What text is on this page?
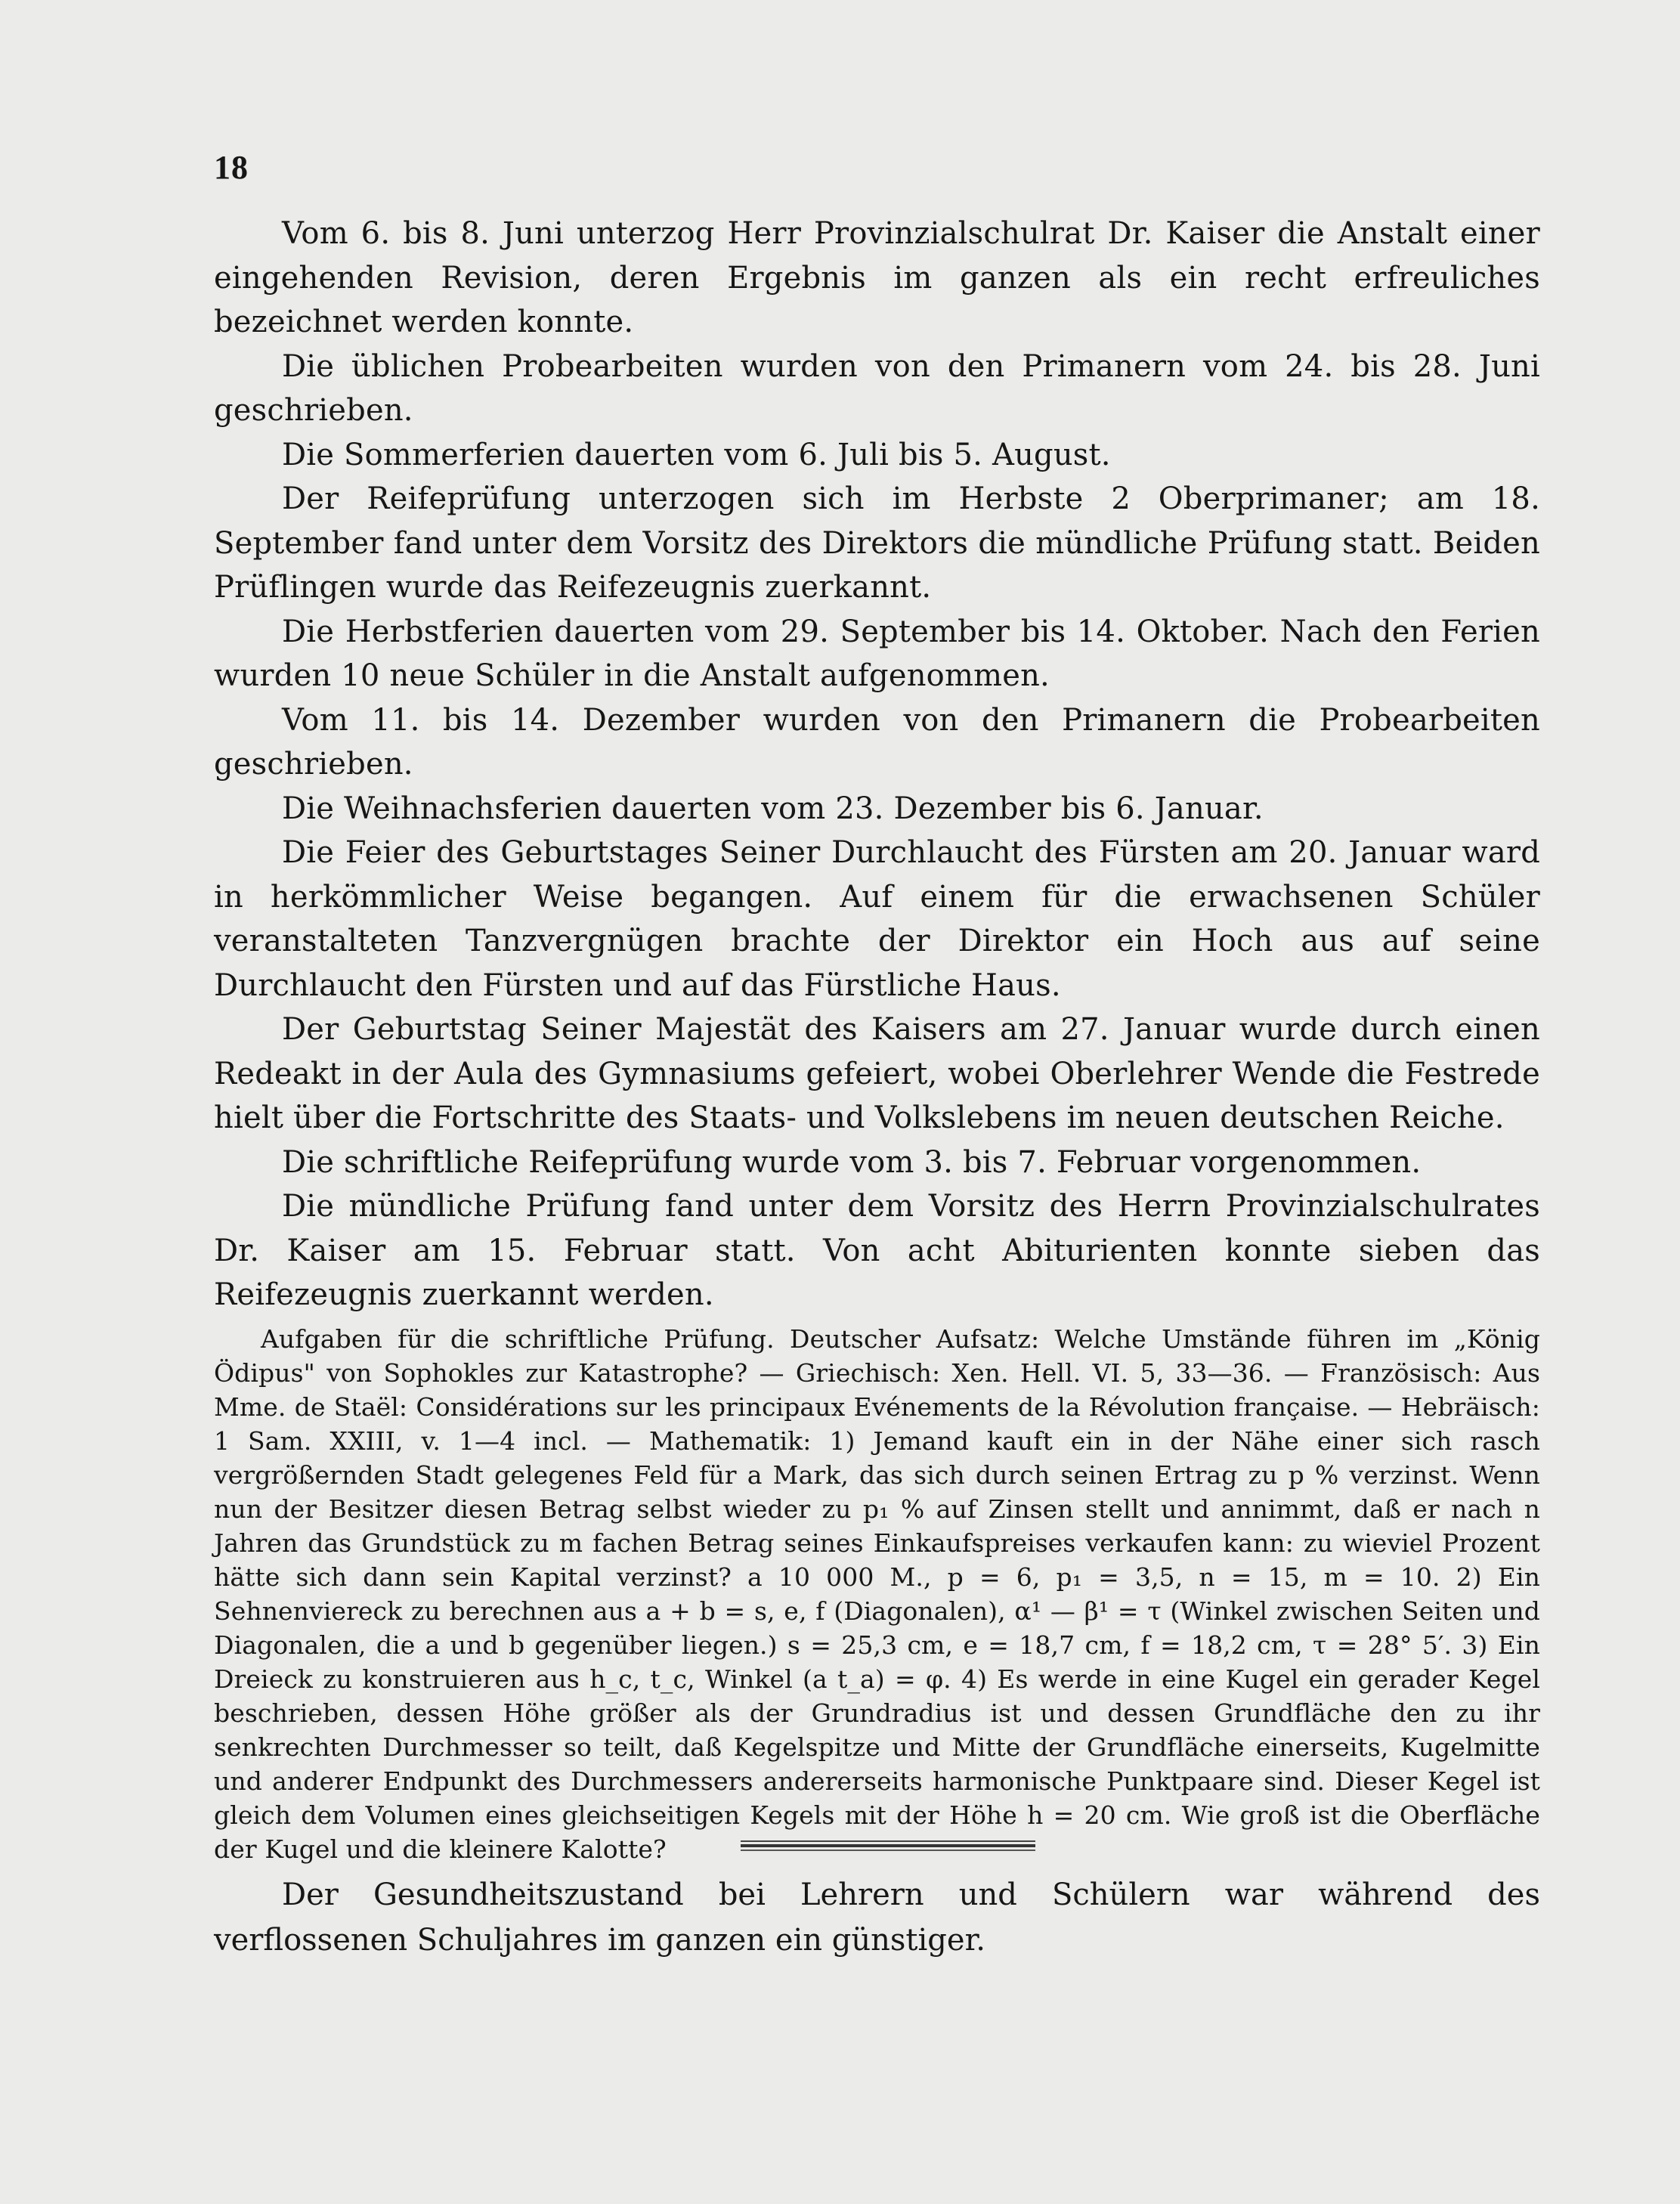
18

Vom 6. bis 8. Juni unterzog Herr Provinzialschulrat Dr. Kaiser die Anstalt einer eingehenden Revision, deren Ergebnis im ganzen als ein recht erfreuliches bezeichnet werden konnte.

Die üblichen Probearbeiten wurden von den Primanern vom 24. bis 28. Juni geschrieben.

Die Sommerferien dauerten vom 6. Juli bis 5. August.

Der Reifeprüfung unterzogen sich im Herbste 2 Oberprimaner; am 18. September fand unter dem Vorsitz des Direktors die mündliche Prüfung statt. Beiden Prüflingen wurde das Reifezeugnis zuerkannt.

Die Herbstferien dauerten vom 29. September bis 14. Oktober. Nach den Ferien wurden 10 neue Schüler in die Anstalt aufgenommen.

Vom 11. bis 14. Dezember wurden von den Primanern die Probearbeiten geschrieben.

Die Weihnachsferien dauerten vom 23. Dezember bis 6. Januar.

Die Feier des Geburtstages Seiner Durchlaucht des Fürsten am 20. Januar ward in herkömmlicher Weise begangen. Auf einem für die erwachsenen Schüler veranstalteten Tanzvergnügen brachte der Direktor ein Hoch aus auf seine Durchlaucht den Fürsten und auf das Fürstliche Haus.

Der Geburtstag Seiner Majestät des Kaisers am 27. Januar wurde durch einen Redeakt in der Aula des Gymnasiums gefeiert, wobei Oberlehrer Wende die Festrede hielt über die Fortschritte des Staats- und Volkslebens im neuen deutschen Reiche.

Die schriftliche Reifeprüfung wurde vom 3. bis 7. Februar vorgenommen.

Die mündliche Prüfung fand unter dem Vorsitz des Herrn Provinzialschulrates Dr. Kaiser am 15. Februar statt. Von acht Abiturienten konnte sieben das Reifezeugnis zuerkannt werden.

Aufgaben für die schriftliche Prüfung. Deutscher Aufsatz: Welche Umstände führen im „König Ödipus" von Sophokles zur Katastrophe? — Griechisch: Xen. Hell. VI. 5, 33—36. — Französisch: Aus Mme. de Staël: Considérations sur les principaux Evénements de la Révolution française. — Hebräisch: 1 Sam. XXIII, v. 1—4 incl. — Mathematik: 1) Jemand kauft ein in der Nähe einer sich rasch vergrößernden Stadt gelegenes Feld für a Mark, das sich durch seinen Ertrag zu p % verzinst. Wenn nun der Besitzer diesen Betrag selbst wieder zu p₁ % auf Zinsen stellt und annimmt, daß er nach n Jahren das Grundstück zu m fachen Betrag seines Einkaufspreises verkaufen kann: zu wieviel Prozent hätte sich dann sein Kapital verzinst? a 10 000 M., p = 6, p₁ = 3,5, n = 15, m = 10. 2) Ein Sehnenviereck zu berechnen aus a + b = s, e, f (Diagonalen), α¹ — β¹ = τ (Winkel zwischen Seiten und Diagonalen, die a und b gegenüber liegen.) s = 25,3 cm, e = 18,7 cm, f = 18,2 cm, τ = 28° 5′. 3) Ein Dreieck zu konstruieren aus h_c, t_c, Winkel (a t_a) = φ. 4) Es werde in eine Kugel ein gerader Kegel beschrieben, dessen Höhe größer als der Grundradius ist und dessen Grundfläche den zu ihr senkrechten Durchmesser so teilt, daß Kegelspitze und Mitte der Grundfläche einerseits, Kugelmitte und anderer Endpunkt des Durchmessers andererseits harmonische Punktpaare sind. Dieser Kegel ist gleich dem Volumen eines gleichseitigen Kegels mit der Höhe h = 20 cm. Wie groß ist die Oberfläche der Kugel und die kleinere Kalotte?

Der Gesundheitszustand bei Lehrern und Schülern war während des verflossenen Schuljahres im ganzen ein günstiger.
